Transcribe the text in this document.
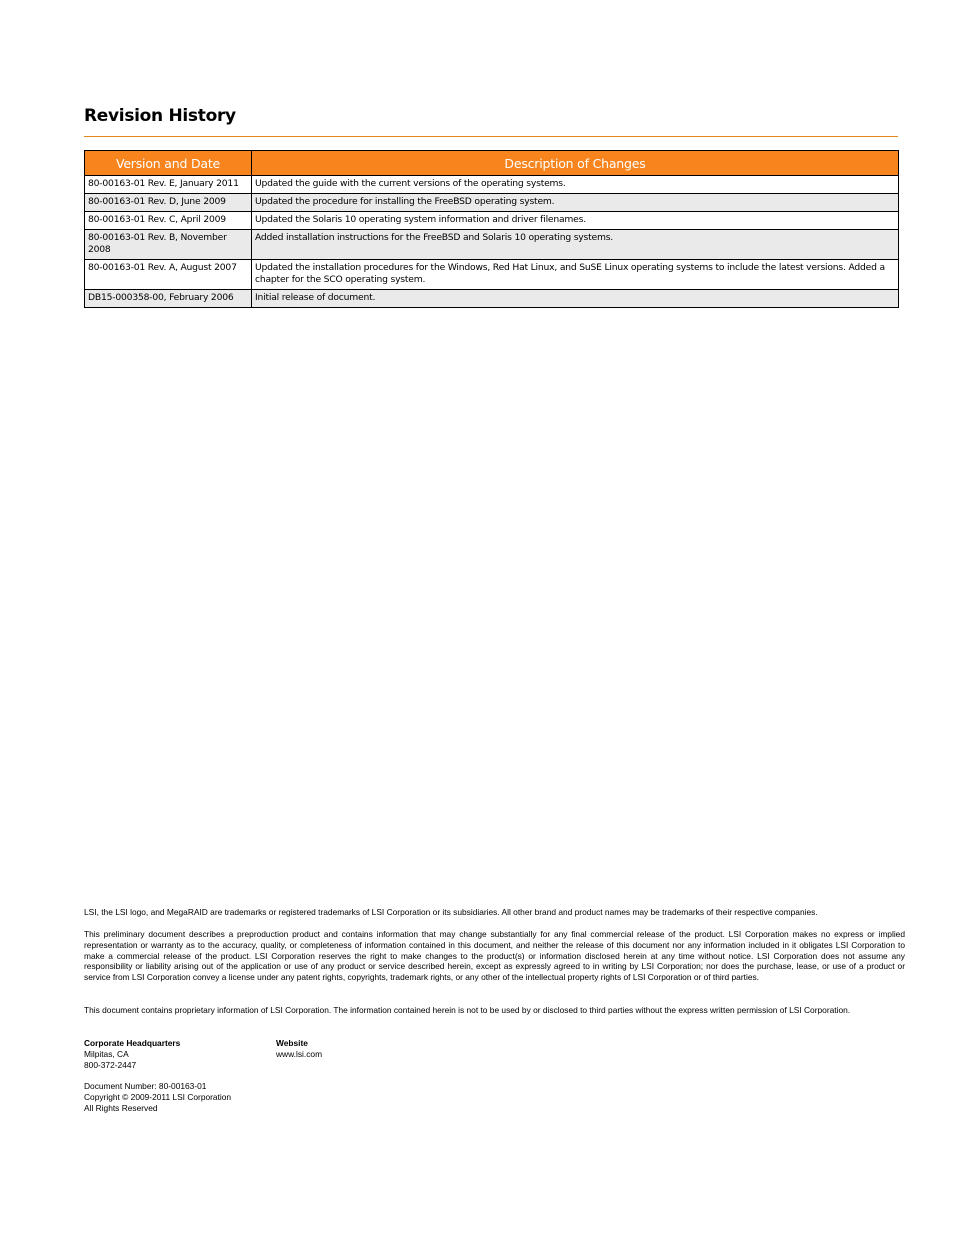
Revision History
Version and Date	Description of Changes
80-00163-01 Rev. E, January 2011	Updated the guide with the current versions of the operating systems.
80-00163-01 Rev. D, June 2009	Updated the procedure for installing the FreeBSD operating system.
80-00163-01 Rev. C, April 2009	Updated the Solaris 10 operating system information and driver filenames.
80-00163-01 Rev. B, November 2008	Added installation instructions for the FreeBSD and Solaris 10 operating systems.
80-00163-01 Rev. A, August 2007	Updated the installation procedures for the Windows, Red Hat Linux, and SuSE Linux operating systems to include the latest versions. Added a chapter for the SCO operating system.
DB15-000358-00, February 2006	Initial release of document.
LSI, the LSI logo, and MegaRAID are trademarks or registered trademarks of LSI Corporation or its subsidiaries. All other brand and product names may be trademarks of their respective companies.
This preliminary document describes a preproduction product and contains information that may change substantially for any final commercial release of the product. LSI Corporation makes no express or implied representation or warranty as to the accuracy, quality, or completeness of information contained in this document, and neither the release of this document nor any information included in it obligates LSI Corporation to make a commercial release of the product. LSI Corporation reserves the right to make changes to the product(s) or information disclosed herein at any time without notice. LSI Corporation does not assume any responsibility or liability arising out of the application or use of any product or service described herein, except as expressly agreed to in writing by LSI Corporation; nor does the purchase, lease, or use of a product or service from LSI Corporation convey a license under any patent rights, copyrights, trademark rights, or any other of the intellectual property rights of LSI Corporation or of third parties.
This document contains proprietary information of LSI Corporation. The information contained herein is not to be used by or disclosed to third parties without the express written permission of LSI Corporation.
Corporate Headquarters
Milpitas, CA
800-372-2447
Website
www.lsi.com
Document Number: 80-00163-01
Copyright © 2009-2011 LSI Corporation
All Rights Reserved
